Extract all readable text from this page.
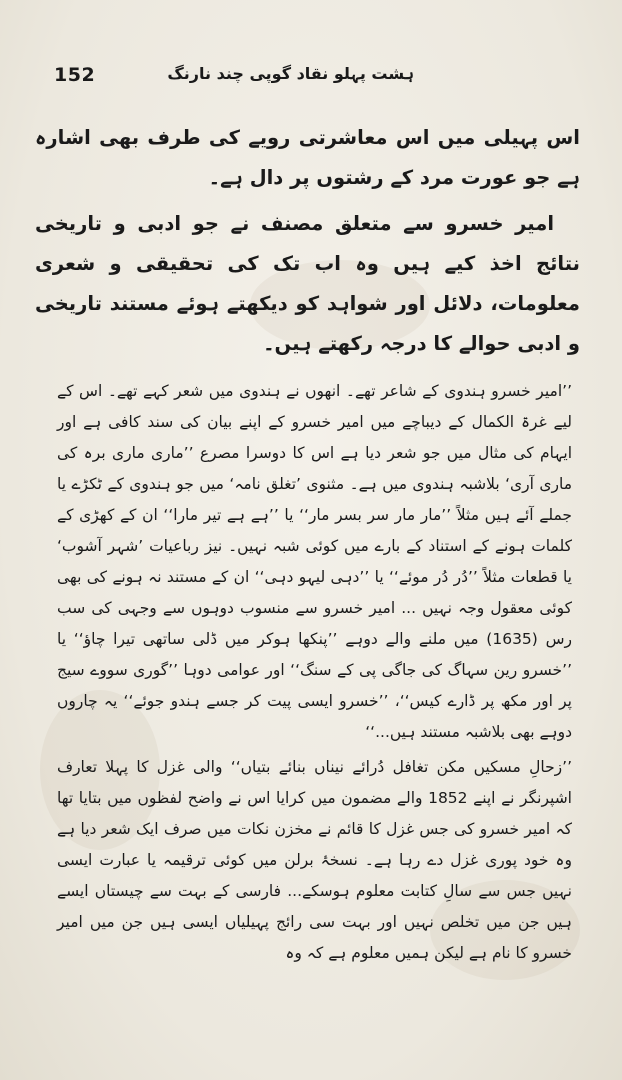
152	ہشت پہلو نقاد گوپی چند نارنگ

اس پہیلی میں اس معاشرتی رویے کی طرف بھی اشارہ ہے جو عورت مرد کے رشتوں پر دال ہے۔

امیر خسرو سے متعلق مصنف نے جو ادبی و تاریخی نتائج اخذ کیے ہیں وہ اب تک کی تحقیقی و شعری معلومات، دلائل اور شواہد کو دیکھتے ہوئے مستند تاریخی و ادبی حوالے کا درجہ رکھتے ہیں۔

’’امیر خسرو ہندوی کے شاعر تھے۔ انھوں نے ہندوی میں شعر کہے تھے۔ اس کے لیے غرۃ الکمال کے دیباچے میں امیر خسرو کے اپنے بیان کی سند کافی ہے اور ایہام کی مثال میں جو شعر دیا ہے اس کا دوسرا مصرع ’’ماری ماری برہ کی ماری آری‘ بلاشبہ ہندوی میں ہے۔ مثنوی ’تغلق نامہ‘ میں جو ہندوی کے ٹکڑے یا جملے آئے ہیں مثلاً ’’مار مار سر بسر مار‘‘ یا ’’ہے ہے تیر مارا‘‘ ان کے کھڑی کے کلمات ہونے کے استناد کے بارے میں کوئی شبہ نہیں۔ نیز رباعیات ’شہر آشوب‘ یا قطعات مثلاً ’’دُر دُر موئے‘‘ یا ’’دہی لیہو دہی‘‘ ان کے مستند نہ ہونے کی بھی کوئی معقول وجہ نہیں ... امیر خسرو سے منسوب دوہوں سے وجہی کی سب رس (1635) میں ملنے والے دوہے ’’پنکھا ہوکر میں ڈلی ساتھی تیرا چاؤ‘‘ یا ’’خسرو رین سہاگ کی جاگی پی کے سنگ‘‘ اور عوامی دوہا ’’گوری سووے سیج پر اور مکھ پر ڈارے کیس‘‘، ’’خسرو ایسی پیت کر جسے ہندو جوئے‘‘ یہ چاروں دوہے بھی بلاشبہ مستند ہیں...‘‘

’’زحالِ مسکیں مکن تغافل دُرائے نیناں بنائے بتیاں‘‘ والی غزل کا پہلا تعارف اشپرنگر نے اپنے 1852 والے مضمون میں کرایا اس نے واضح لفظوں میں بتایا تھا کہ امیر خسرو کی جس غزل کا قائم نے مخزن نکات میں صرف ایک شعر دیا ہے وہ خود پوری غزل دے رہا ہے۔ نسخۂ برلن میں کوئی ترقیمہ یا عبارت ایسی نہیں جس سے سالِ کتابت معلوم ہوسکے... فارسی کے بہت سے چیستاں ایسے ہیں جن میں تخلص نہیں اور بہت سی رائج پہیلیاں ایسی ہیں جن میں امیر خسرو کا نام ہے لیکن ہمیں معلوم ہے کہ وہ
